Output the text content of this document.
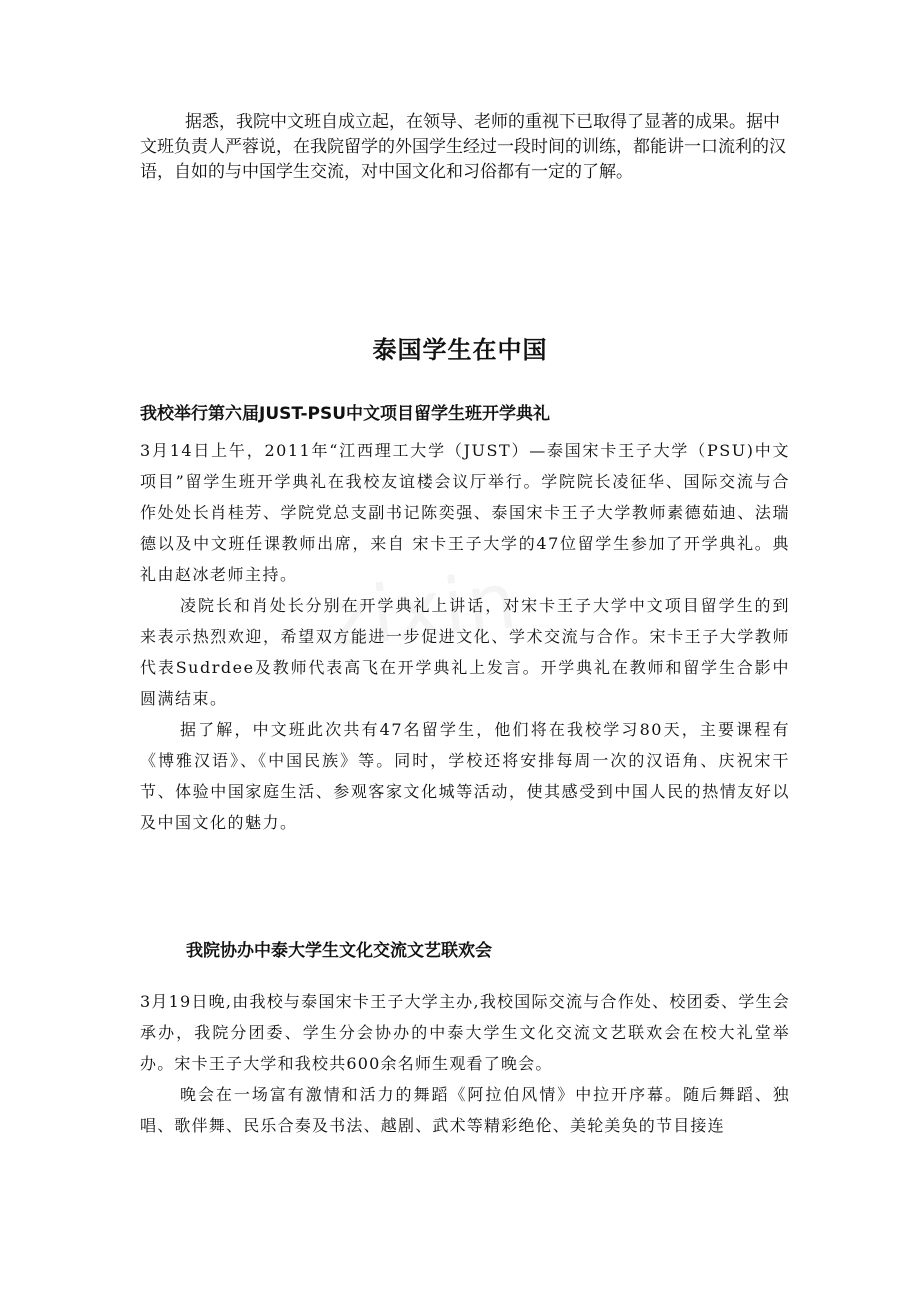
据悉，我院中文班自成立起，在领导、老师的重视下已取得了显著的成果。据中文班负责人严蓉说，在我院留学的外国学生经过一段时间的训练，都能讲一口流利的汉语，自如的与中国学生交流，对中国文化和习俗都有一定的了解。

泰国学生在中国
我校举行第六届JUST-PSU中文项目留学生班开学典礼

3月14日上午，2011年“江西理工大学（JUST）—泰国宋卡王子大学（PSU)中文项目”留学生班开学典礼在我校友谊楼会议厅举行。学院院长凌征华、国际交流与合作处处长肖桂芳、学院党总支副书记陈奕强、泰国宋卡王子大学教师素德茹迪、法瑞德以及中文班任课教师出席，来自 宋卡王子大学的47位留学生参加了开学典礼。典礼由赵冰老师主持。

凌院长和肖处长分别在开学典礼上讲话，对宋卡王子大学中文项目留学生的到来表示热烈欢迎，希望双方能进一步促进文化、学术交流与合作。宋卡王子大学教师代表Sudrdee及教师代表高飞在开学典礼上发言。开学典礼在教师和留学生合影中圆满结束。

据了解，中文班此次共有47名留学生，他们将在我校学习80天，主要课程有《博雅汉语》、《中国民族》等。同时，学校还将安排每周一次的汉语角、庆祝宋干节、体验中国家庭生活、参观客家文化城等活动，使其感受到中国人民的热情友好以及中国文化的魅力。

我院协办中泰大学生文化交流文艺联欢会

3月19日晚,由我校与泰国宋卡王子大学主办,我校国际交流与合作处、校团委、学生会承办，我院分团委、学生分会协办的中泰大学生文化交流文艺联欢会在校大礼堂举办。宋卡王子大学和我校共600余名师生观看了晚会。

晚会在一场富有激情和活力的舞蹈《阿拉伯风情》中拉开序幕。随后舞蹈、独唱、歌伴舞、民乐合奏及书法、越剧、武术等精彩绝伦、美轮美奂的节目接连
